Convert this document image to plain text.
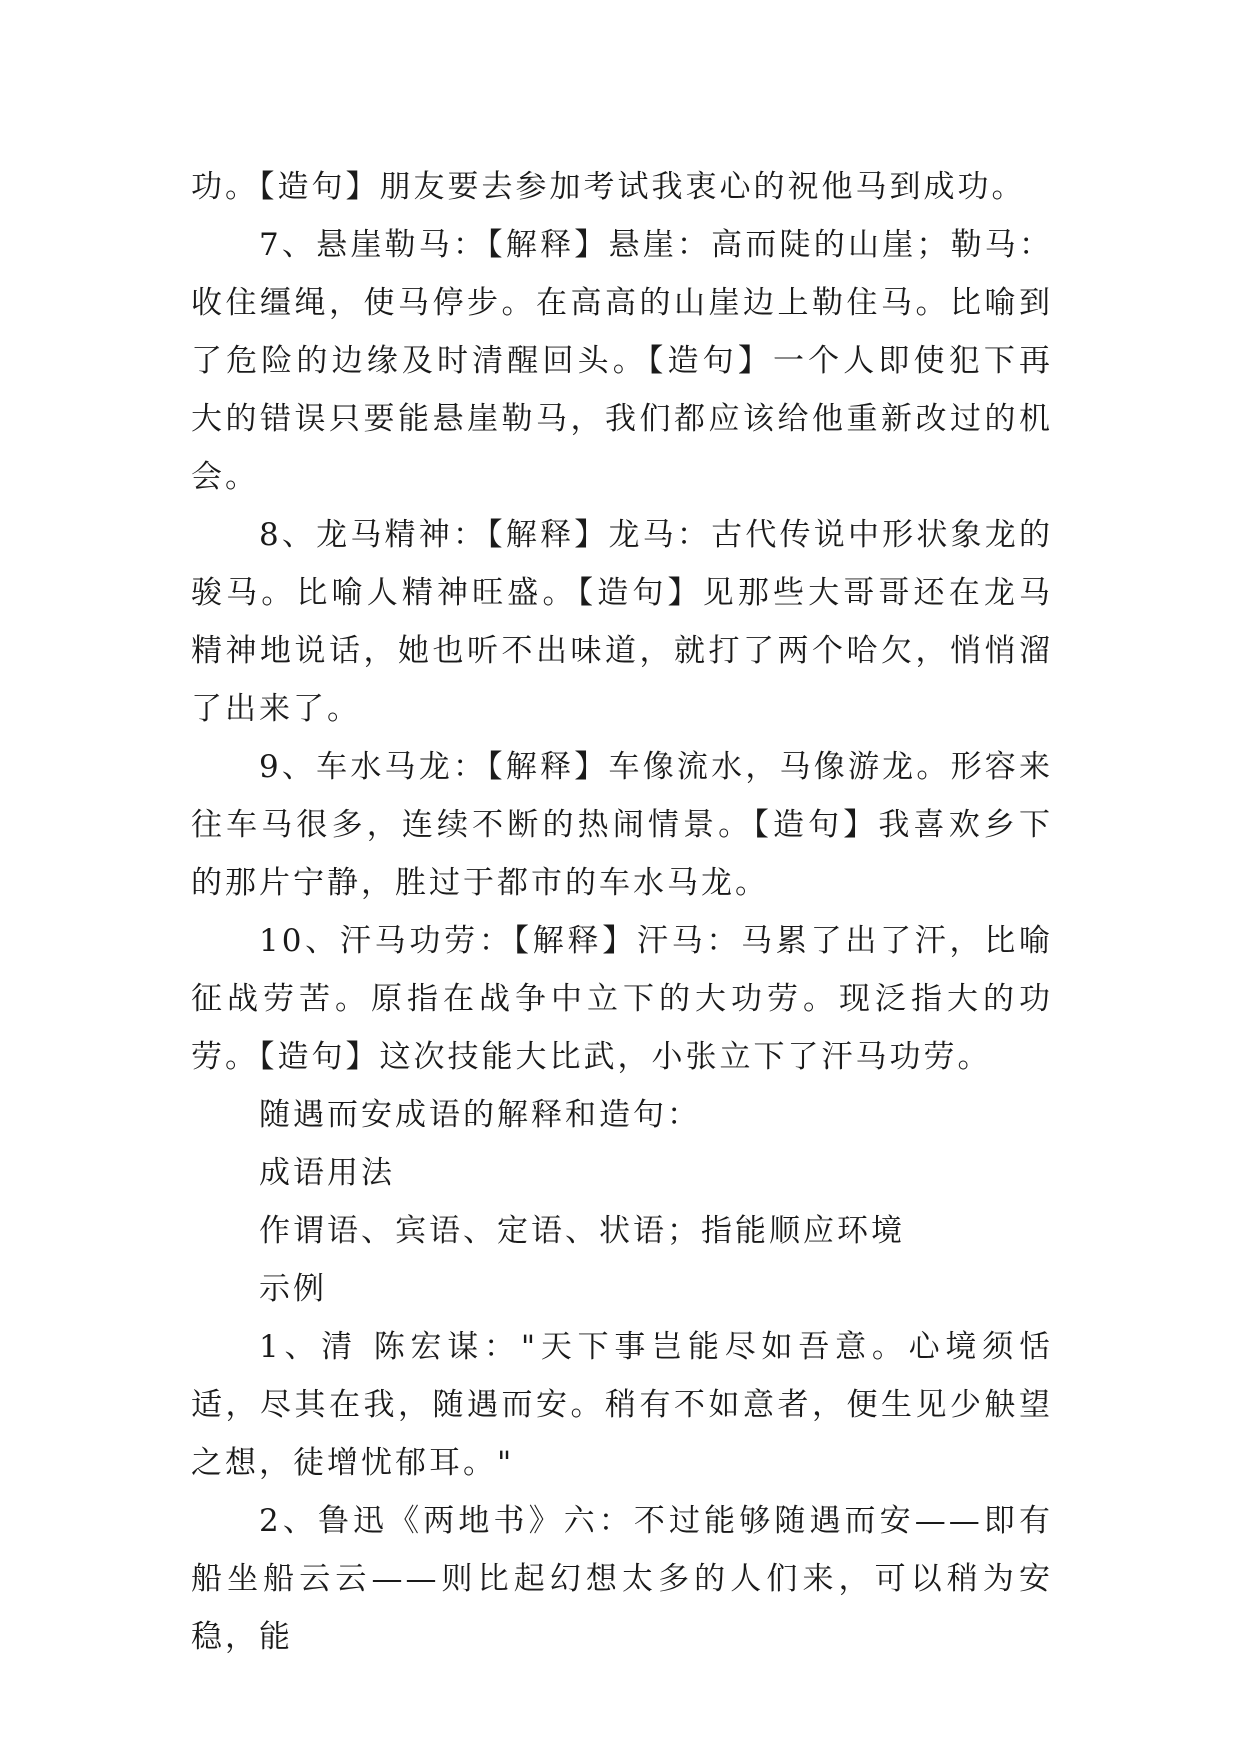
功。【造句】朋友要去参加考试我衷心的祝他马到成功。

7、悬崖勒马：【解释】悬崖：高而陡的山崖；勒马：收住缰绳，使马停步。在高高的山崖边上勒住马。比喻到了危险的边缘及时清醒回头。【造句】一个人即使犯下再大的错误只要能悬崖勒马，我们都应该给他重新改过的机会。

8、龙马精神：【解释】龙马：古代传说中形状象龙的骏马。比喻人精神旺盛。【造句】见那些大哥哥还在龙马精神地说话，她也听不出味道，就打了两个哈欠，悄悄溜了出来了。

9、车水马龙：【解释】车像流水，马像游龙。形容来往车马很多，连续不断的热闹情景。【造句】我喜欢乡下的那片宁静，胜过于都市的车水马龙。

10、汗马功劳：【解释】汗马：马累了出了汗，比喻征战劳苦。原指在战争中立下的大功劳。现泛指大的功劳。【造句】这次技能大比武，小张立下了汗马功劳。

随遇而安成语的解释和造句：

成语用法

作谓语、宾语、定语、状语；指能顺应环境

示例

1、清 陈宏谋："天下事岂能尽如吾意。心境须恬适，尽其在我，随遇而安。稍有不如意者，便生见少觖望之想，徒增忧郁耳。"

2、鲁迅《两地书》六：不过能够随遇而安——即有船坐船云云——则比起幻想太多的人们来，可以稍为安稳，能
